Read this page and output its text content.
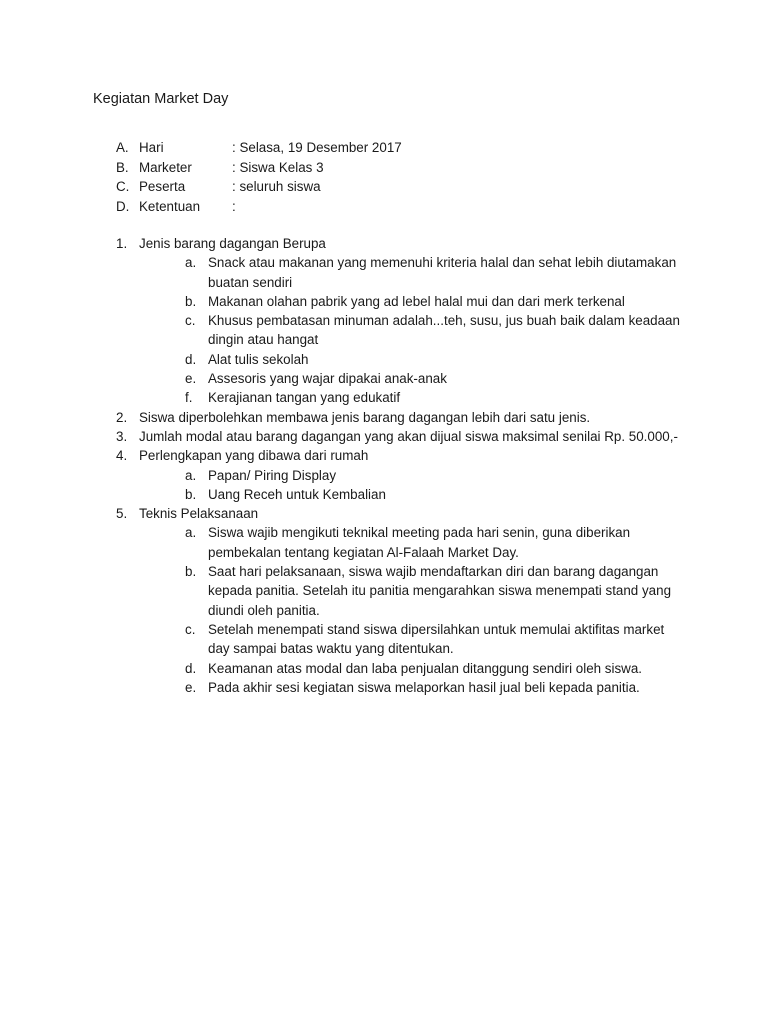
Kegiatan Market Day
A. Hari	: Selasa, 19 Desember 2017
B. Marketer	: Siswa Kelas 3
C. Peserta	: seluruh siswa
D. Ketentuan	:
1. Jenis barang dagangan Berupa
a. Snack atau makanan yang memenuhi kriteria halal dan sehat lebih diutamakan buatan sendiri
b. Makanan olahan pabrik yang ad lebel halal mui dan dari merk terkenal
c. Khusus pembatasan minuman adalah...teh, susu, jus buah baik dalam keadaan dingin atau hangat
d. Alat tulis sekolah
e. Assesoris yang wajar dipakai anak-anak
f. Kerajianan tangan yang edukatif
2. Siswa diperbolehkan membawa jenis barang dagangan lebih dari satu jenis.
3. Jumlah modal atau barang dagangan yang akan dijual siswa maksimal senilai Rp. 50.000,-
4. Perlengkapan yang dibawa dari rumah
a. Papan/ Piring Display
b. Uang Receh untuk Kembalian
5. Teknis Pelaksanaan
a. Siswa wajib mengikuti teknikal meeting pada hari senin, guna diberikan pembekalan tentang kegiatan Al-Falaah Market Day.
b. Saat hari pelaksanaan, siswa wajib mendaftarkan diri dan barang dagangan kepada panitia. Setelah itu panitia mengarahkan siswa menempati stand yang diundi oleh panitia.
c. Setelah menempati stand siswa dipersilahkan untuk memulai aktifitas market day sampai batas waktu yang ditentukan.
d. Keamanan atas modal dan laba penjualan ditanggung sendiri oleh siswa.
e. Pada akhir sesi kegiatan siswa melaporkan hasil jual beli kepada panitia.
